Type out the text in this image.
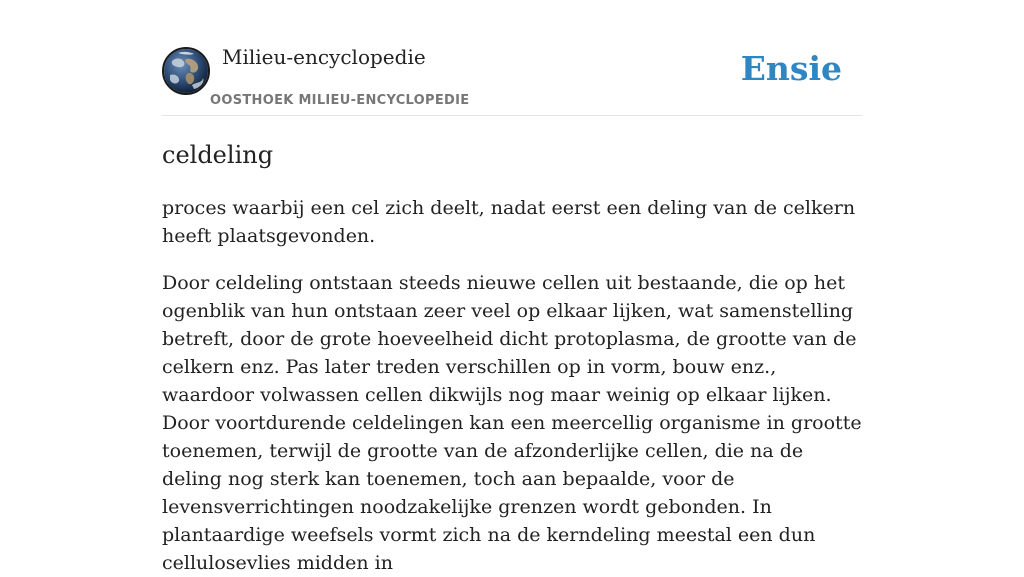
Milieu-encyclopedie
OOSTHOEK MILIEU-ENCYCLOPEDIE
Ensie
celdeling

proces waarbij een cel zich deelt, nadat eerst een deling van de celkern heeft plaatsgevonden.

Door celdeling ontstaan steeds nieuwe cellen uit bestaande, die op het ogenblik van hun ontstaan zeer veel op elkaar lijken, wat samenstelling betreft, door de grote hoeveelheid dicht protoplasma, de grootte van de celkern enz. Pas later treden verschillen op in vorm, bouw enz., waardoor volwassen cellen dikwijls nog maar weinig op elkaar lijken. Door voortdurende celdelingen kan een meercellig organisme in grootte toenemen, terwijl de grootte van de afzonderlijke cellen, die na de deling nog sterk kan toenemen, toch aan bepaalde, voor de levensverrichtingen noodzakelijke grenzen wordt gebonden. In plantaardige weefsels vormt zich na de kerndeling meestal een dun cellulosevlies midden in
